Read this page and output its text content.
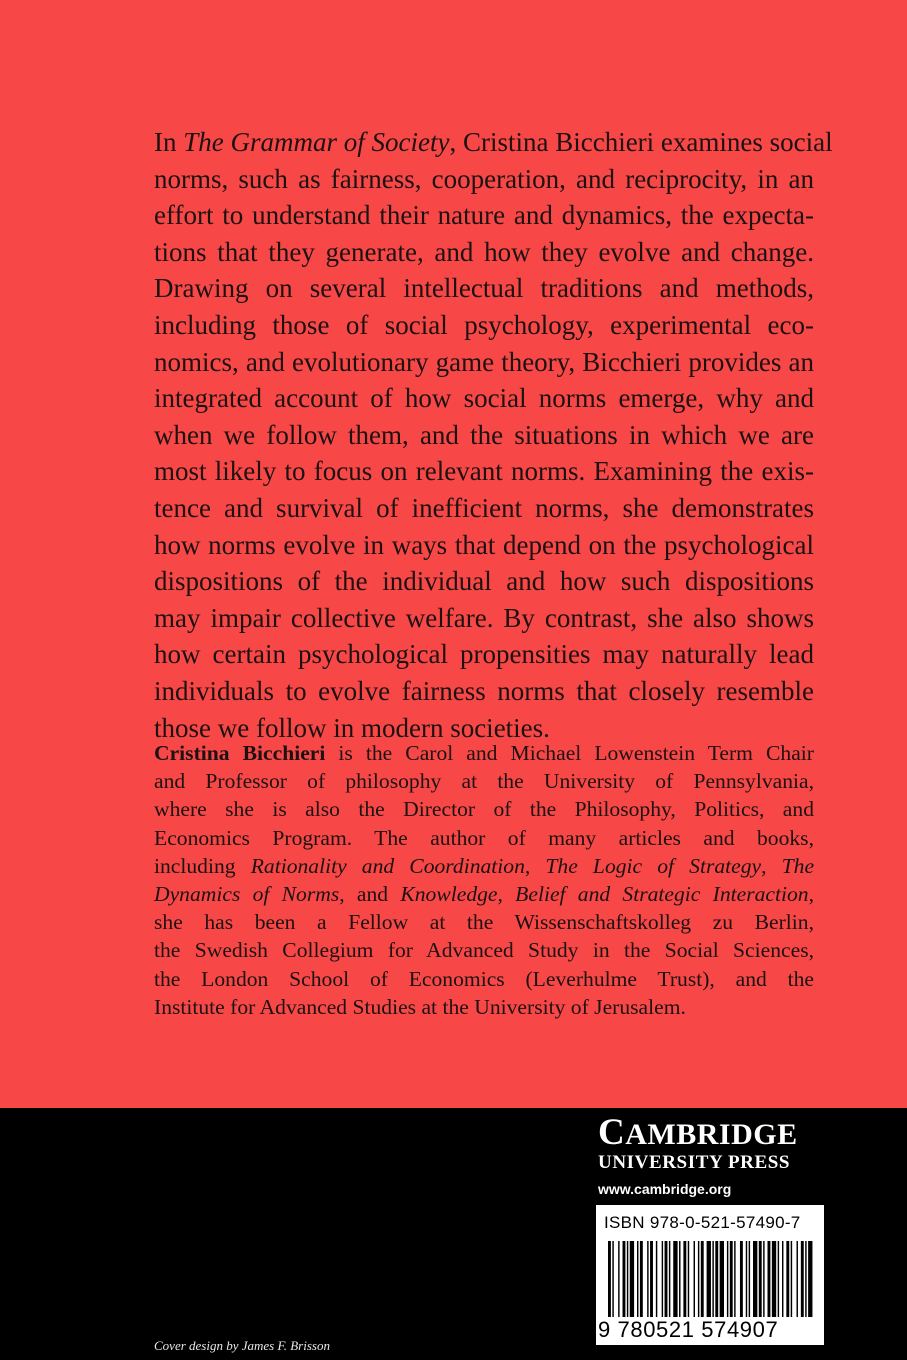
In The Grammar of Society, Cristina Bicchieri examines social
norms, such as fairness, cooperation, and reciprocity, in an
effort to understand their nature and dynamics, the expecta-
tions that they generate, and how they evolve and change.
Drawing on several intellectual traditions and methods,
including those of social psychology, experimental eco-
nomics, and evolutionary game theory, Bicchieri provides an
integrated account of how social norms emerge, why and
when we follow them, and the situations in which we are
most likely to focus on relevant norms. Examining the exis-
tence and survival of inefficient norms, she demonstrates
how norms evolve in ways that depend on the psychological
dispositions of the individual and how such dispositions
may impair collective welfare. By contrast, she also shows
how certain psychological propensities may naturally lead
individuals to evolve fairness norms that closely resemble
those we follow in modern societies.
Cristina Bicchieri is the Carol and Michael Lowenstein Term Chair
and Professor of philosophy at the University of Pennsylvania,
where she is also the Director of the Philosophy, Politics, and
Economics Program. The author of many articles and books,
including Rationality and Coordination, The Logic of Strategy, The
Dynamics of Norms, and Knowledge, Belief and Strategic Interaction,
she has been a Fellow at the Wissenschaftskolleg zu Berlin,
the Swedish Collegium for Advanced Study in the Social Sciences,
the London School of Economics (Leverhulme Trust), and the
Institute for Advanced Studies at the University of Jerusalem.
CAMBRIDGE
UNIVERSITY PRESS
www.cambridge.org
ISBN 978-0-521-57490-7
9 780521 574907
Cover design by James F. Brisson
